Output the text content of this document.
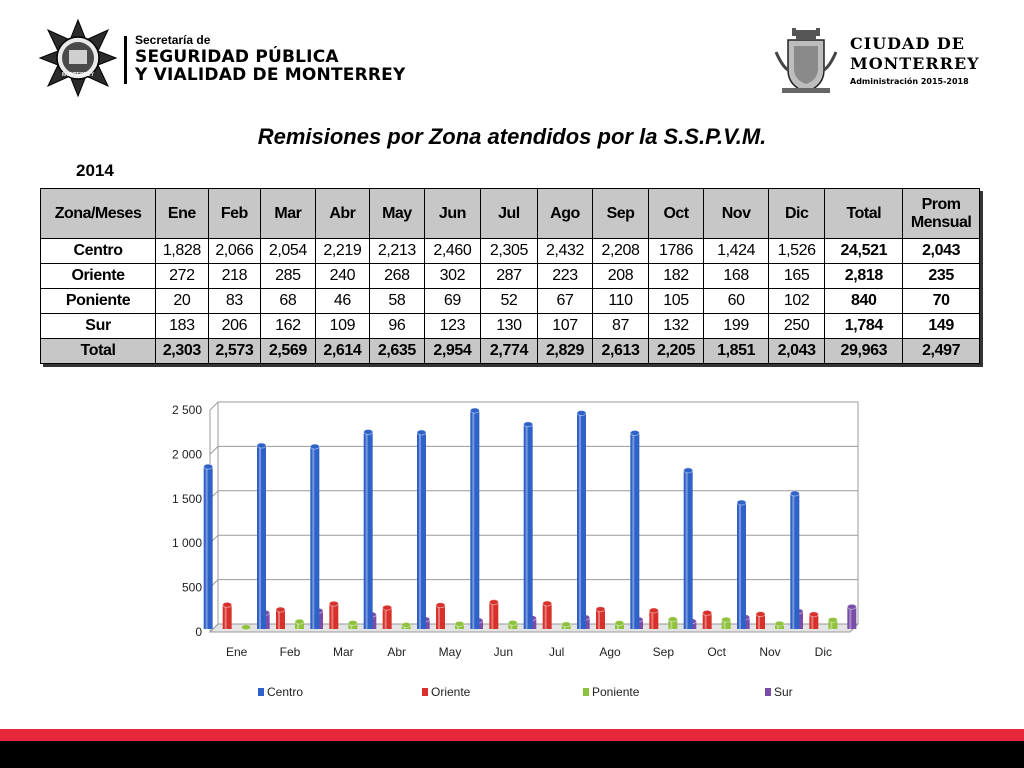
MONTERREY
Secretaría de
SEGURIDAD PÚBLICA
Y VIALIDAD DE MONTERREY
CIUDAD DE
MONTERREY
Administración 2015-2018
Remisiones por Zona atendidos por la S.S.P.V.M.
2014
Zona/Meses	Ene	Feb	Mar	Abr	May	Jun	Jul	Ago	Sep	Oct	Nov	Dic	Total	Prom
Mensual
Centro	1,828	2,066	2,054	2,219	2,213	2,460	2,305	2,432	2,208	1786	1,424	1,526	24,521	2,043
Oriente	272	218	285	240	268	302	287	223	208	182	168	165	2,818	235
Poniente	20	83	68	46	58	69	52	67	110	105	60	102	840	70
Sur	183	206	162	109	96	123	130	107	87	132	199	250	1,784	149
Total	2,303	2,573	2,569	2,614	2,635	2,954	2,774	2,829	2,613	2,205	1,851	2,043	29,963	2,497
0
500
1 000
1 500
2 000
2 500
Ene	Feb	Mar	Abr	May	Jun	Jul	Ago	Sep	Oct	Nov	Dic
Centro	Oriente	Poniente	Sur
